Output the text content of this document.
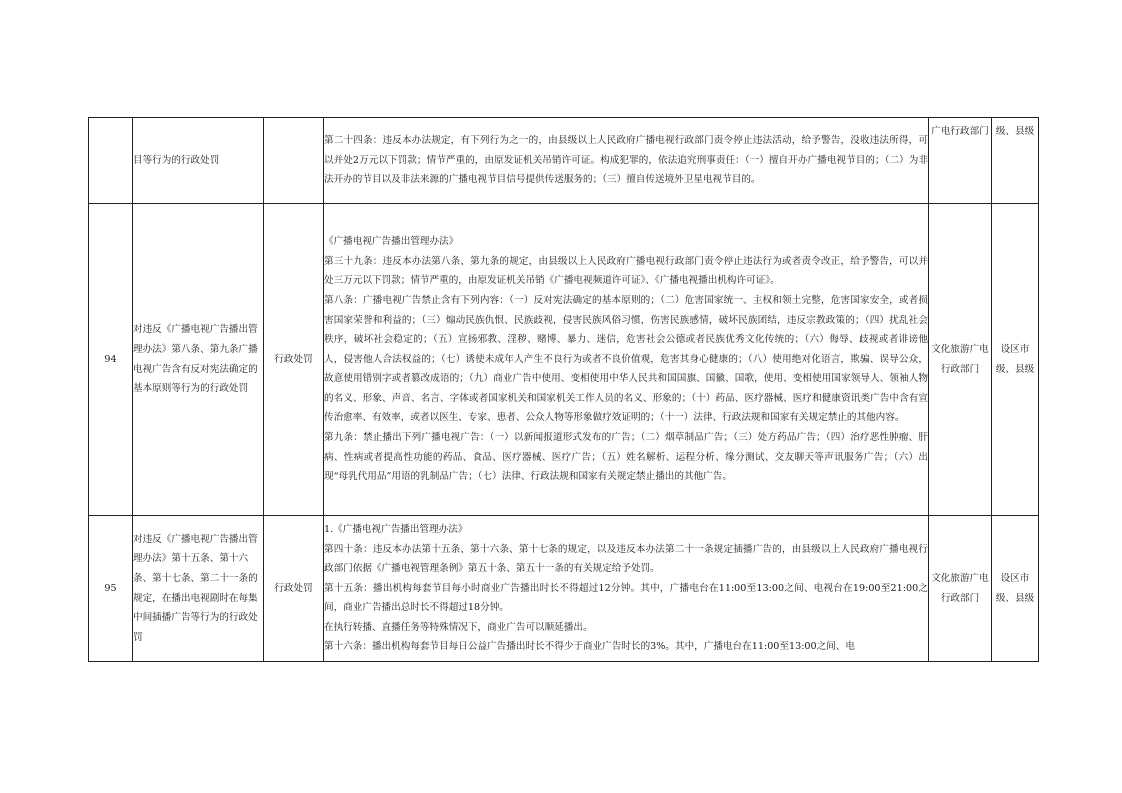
	目等行为的行政处罚		第二十四条：违反本办法规定，有下列行为之一的，由县级以上人民政府广播电视行政部门责令停止违法活动，给予警告，没收违法所得，可以并处2万元以下罚款；情节严重的，由原发证机关吊销许可证。构成犯罪的，依法追究刑事责任：（一）擅自开办广播电视节目的；（二）为非法开办的节目以及非法来源的广播电视节目信号提供传送服务的；（三）擅自传送境外卫星电视节目的。	广电行政部门	级、县级
94	对违反《广播电视广告播出管理办法》第八条、第九条广播电视广告含有反对宪法确定的基本原则等行为的行政处罚	行政处罚	《广播电视广告播出管理办法》

第三十九条：违反本办法第八条、第九条的规定，由县级以上人民政府广播电视行政部门责令停止违法行为或者责令改正，给予警告，可以并处三万元以下罚款；情节严重的，由原发证机关吊销《广播电视频道许可证》、《广播电视播出机构许可证》。

第八条：广播电视广告禁止含有下列内容：（一）反对宪法确定的基本原则的；（二）危害国家统一、主权和领土完整，危害国家安全，或者损害国家荣誉和利益的；（三）煽动民族仇恨、民族歧视，侵害民族风俗习惯，伤害民族感情，破坏民族团结，违反宗教政策的；（四）扰乱社会秩序，破坏社会稳定的；（五）宣扬邪教、淫秽、赌博、暴力、迷信，危害社会公德或者民族优秀文化传统的；（六）侮辱、歧视或者诽谤他人，侵害他人合法权益的；（七）诱使未成年人产生不良行为或者不良价值观，危害其身心健康的；（八）使用绝对化语言，欺骗、误导公众，故意使用错别字或者篡改成语的；（九）商业广告中使用、变相使用中华人民共和国国旗、国徽、国歌，使用、变相使用国家领导人、领袖人物的名义、形象、声音、名言、字体或者国家机关和国家机关工作人员的名义、形象的；（十）药品、医疗器械、医疗和健康资讯类广告中含有宣传治愈率、有效率，或者以医生、专家、患者、公众人物等形象做疗效证明的；（十一）法律、行政法规和国家有关规定禁止的其他内容。

第九条：禁止播出下列广播电视广告：（一）以新闻报道形式发布的广告；（二）烟草制品广告；（三）处方药品广告；（四）治疗恶性肿瘤、肝病、性病或者提高性功能的药品、食品、医疗器械、医疗广告；（五）姓名解析、运程分析、缘分测试、交友聊天等声讯服务广告；（六）出现“母乳代用品”用语的乳制品广告；（七）法律、行政法规和国家有关规定禁止播出的其他广告。	文化旅游广电行政部门	设区市级、县级
95	对违反《广播电视广告播出管理办法》第十五条、第十六条、第十七条、第二十一条的规定，在播出电视剧时在每集中间插播广告等行为的行政处罚	行政处罚	1.《广播电视广告播出管理办法》

第四十条：违反本办法第十五条、第十六条、第十七条的规定，以及违反本办法第二十一条规定插播广告的，由县级以上人民政府广播电视行政部门依据《广播电视管理条例》第五十条、第五十一条的有关规定给予处罚。

第十五条：播出机构每套节目每小时商业广告播出时长不得超过12分钟。其中，广播电台在11:00至13:00之间、电视台在19:00至21:00之间，商业广告播出总时长不得超过18分钟。

在执行转播、直播任务等特殊情况下，商业广告可以顺延播出。

第十六条：播出机构每套节目每日公益广告播出时长不得少于商业广告时长的3%。其中，广播电台在11:00至13:00之间、电	文化旅游广电行政部门	设区市级、县级
